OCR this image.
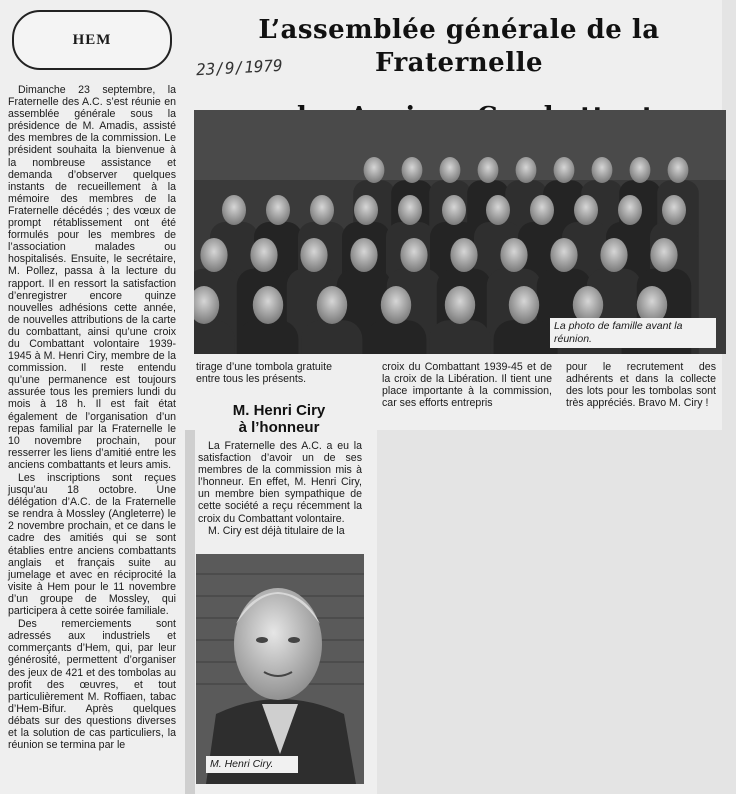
HEM	L’assemblée générale de la Fraternelle
23/9/1979

Dimanche 23 septembre, la Fraternelle des A.C. s’est réunie en assemblée générale sous la présidence de M. Amadis, assisté des membres de la commission. Le président souhaita la bienvenue à la nombreuse assistance et demanda d’observer quelques instants de recueillement à la mémoire des membres de la Fraternelle décédés ; des vœux de prompt rétablissement ont été formulés pour les membres de l’association malades ou hospitalisés. Ensuite, le secrétaire, M. Pollez, passa à la lecture du rapport. Il en ressort la satisfaction d’enregistrer encore quinze nouvelles adhésions cette année, de nouvelles attributions de la carte du combattant, ainsi qu’une croix du Combattant volontaire 1939-1945 à M. Henri Ciry, membre de la commission. Il reste entendu qu’une permanence est toujours assurée tous les premiers lundi du mois à 18 h. Il est fait état également de l’organisation d’un repas familial par la Fraternelle le 10 novembre prochain, pour resserrer les liens d’amitié entre les anciens combattants et leurs amis.

Les inscriptions sont reçues jusqu’au 18 octobre. Une délégation d’A.C. de la Fraternelle se rendra à Mossley (Angleterre) le 2 novembre prochain, et ce dans le cadre des amitiés qui se sont établies entre anciens combattants anglais et français suite au jumelage et avec en réciprocité la visite à Hem pour le 11 novembre d’un groupe de Mossley, qui participera à cette soirée familiale.

Des remerciements sont adressés aux industriels et commerçants d’Hem, qui, par leur générosité, permettent d’organiser des jeux de 421 et des tombolas au profit des œuvres, et tout particulièrement M. Roffiaen, tabac d’Hem-Bifur. Après quelques débats sur des questions diverses et la solution de cas particuliers, la réunion se termina par le

La photo de famille avant la réunion.
tirage d’une tombola gratuite entre tous les présents.
croix du Combattant 1939-45 et de la croix de la Libération. Il tient une place importante à la commission, car ses efforts entrepris
pour le recrutement des adhérents et dans la collecte des lots pour les tombolas sont très appréciés. Bravo M. Ciry !
M. Henri Ciry
à l’honneur

La Fraternelle des A.C. a eu la satisfaction d’avoir un de ses membres de la commission mis à l’honneur. En effet, M. Henri Ciry, un membre bien sympathique de cette société a reçu récemment la croix du Combattant volontaire.

M. Ciry est déjà titulaire de la

M. Henri Ciry.
